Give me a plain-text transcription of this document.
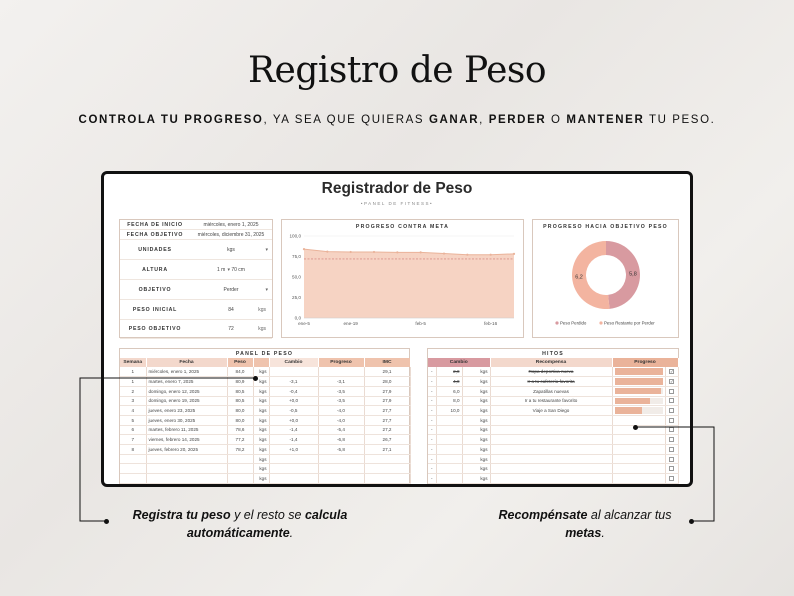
Registro de Peso
CONTROLA TU PROGRESO, YA SEA QUE QUIERAS GANAR, PERDER O MANTENER TU PESO.
Registrador de Peso
•PANEL DE FITNESS•
FECHA DE INICIO	miércoles, enero 1, 2025
FECHA OBJETIVO	miércoles, diciembre 31, 2025
UNIDADES	kgs	▾
ALTURA	1 m 70 cm
▾
OBJETIVO	Perder	▾
PESO INICIAL	84	kgs
PESO OBJETIVO	72	kgs
PROGRESO CONTRA META
0,0
25,0
50,0
75,0
100,0
ene-5	ene-19	feb-5	feb-16
PROGRESO HACIA OBJETIVO PESO
5,8
6,2
Peso Perdido	Peso Restante por Perder
PANEL DE PESO
Semana	Fecha	Peso		Cambio	Progreso	IMC
1	miércoles, enero 1, 2025	84,0	kgs			29,1
1	martes, enero 7, 2025	80,9	kgs	-3,1	-3,1	28,0
2	domingo, enero 12, 2025	80,5	kgs	-0,4	-3,5	27,9
3	domingo, enero 19, 2025	80,5	kgs	+0,0	-3,5	27,9
4	jueves, enero 23, 2025	80,0	kgs	-0,5	-4,0	27,7
5	jueves, enero 30, 2025	80,0	kgs	+0,0	-4,0	27,7
6	martes, febrero 11, 2025	78,6	kgs	-1,4	-5,4	27,2
7	viernes, febrero 14, 2025	77,2	kgs	-1,4	-6,8	26,7
8	jueves, febrero 20, 2025	78,2	kgs	+1,0	-5,8	27,1
			kgs			
			kgs			
			kgs			
HITOS
Cambio			Recompensa	Progreso	
-	2,0	kgs	Ropa deportiva nueva		✓

-	4,0	kgs	Ir a tu cafetería favorita		✓

-	6,0	kgs	Zapatillas nuevas	

-	8,0	kgs	Ir a tu restaurante favorito	

-	10,0	kgs	Viaje a San Diego	

-		kgs			

-		kgs			

-		kgs			

-		kgs			

-		kgs			

-		kgs			

-		kgs			
Registra tu peso y el resto se calcula
automáticamente.
Recompénsate al alcanzar tus
metas.
